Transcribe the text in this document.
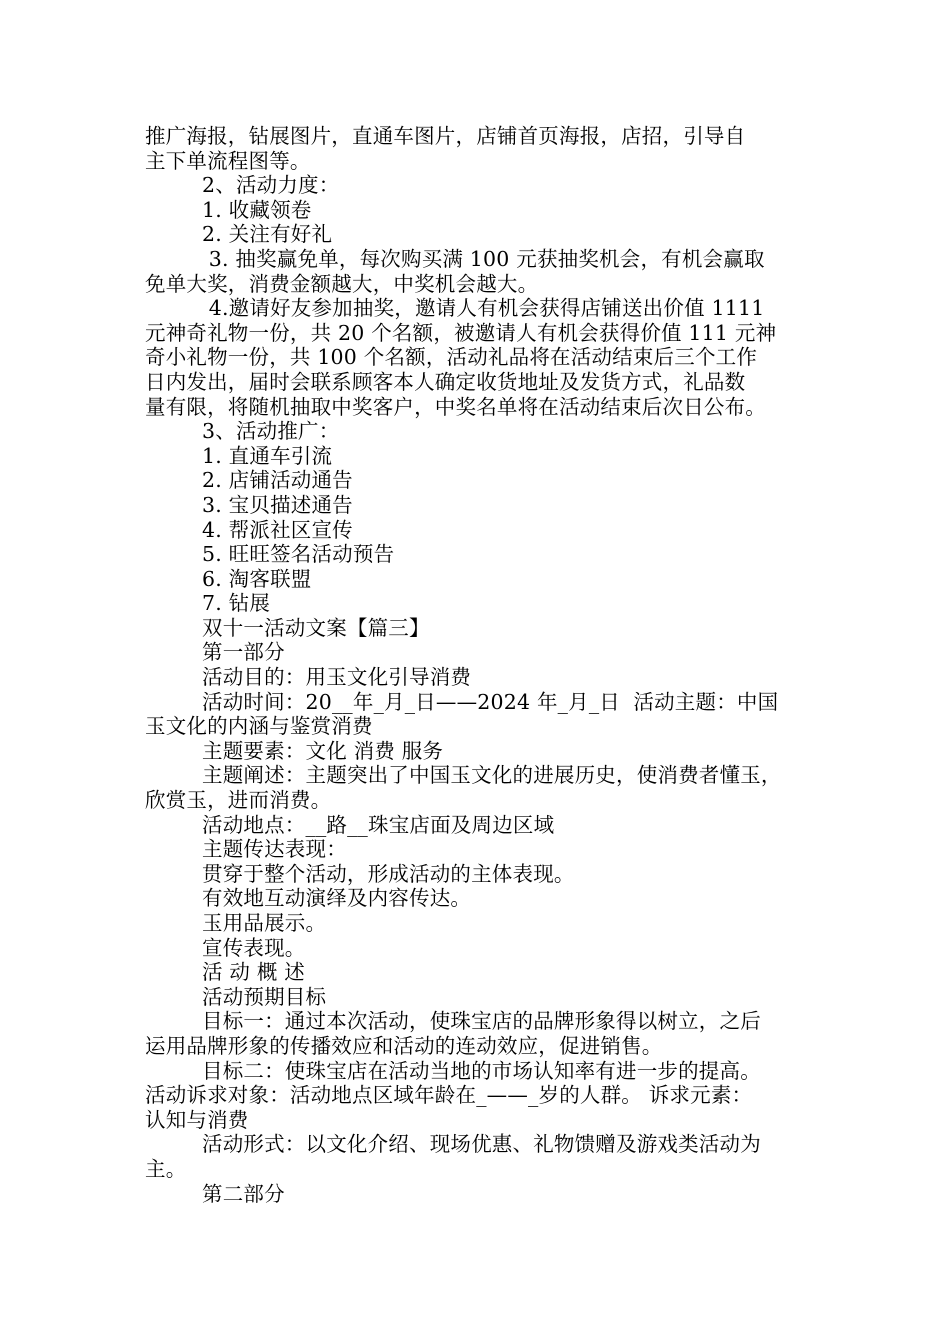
推广海报，钻展图片，直通车图片，店铺首页海报，店招，引导自
主下单流程图等。
2、活动力度：
1. 收藏领卷
2. 关注有好礼
3. 抽奖赢免单，每次购买满 100 元获抽奖机会，有机会赢取
免单大奖，消费金额越大，中奖机会越大。
4.邀请好友参加抽奖，邀请人有机会获得店铺送出价值 1111
元神奇礼物一份，共 20 个名额，被邀请人有机会获得价值 111 元神
奇小礼物一份，共 100 个名额，活动礼品将在活动结束后三个工作
日内发出，届时会联系顾客本人确定收货地址及发货方式，礼品数
量有限，将随机抽取中奖客户，中奖名单将在活动结束后次日公布。
3、活动推广：
1. 直通车引流
2. 店铺活动通告
3. 宝贝描述通告
4. 帮派社区宣传
5. 旺旺签名活动预告
6. 淘客联盟
7. 钻展
双十一活动文案【篇三】
第一部分
活动目的：用玉文化引导消费
活动时间：20__年_月_日——2024 年_月_日  活动主题：中国
玉文化的内涵与鉴赏消费
主题要素：文化 消费 服务
主题阐述：主题突出了中国玉文化的进展历史，使消费者懂玉，
欣赏玉，进而消费。
活动地点：__路__珠宝店面及周边区域
主题传达表现：
贯穿于整个活动，形成活动的主体表现。
有效地互动演绎及内容传达。
玉用品展示。
宣传表现。
活 动 概 述
活动预期目标
目标一：通过本次活动，使珠宝店的品牌形象得以树立，之后
运用品牌形象的传播效应和活动的连动效应，促进销售。
目标二：使珠宝店在活动当地的市场认知率有进一步的提高。
活动诉求对象：活动地点区域年龄在_——_岁的人群。 诉求元素：
认知与消费
活动形式：以文化介绍、现场优惠、礼物馈赠及游戏类活动为
主。
第二部分
